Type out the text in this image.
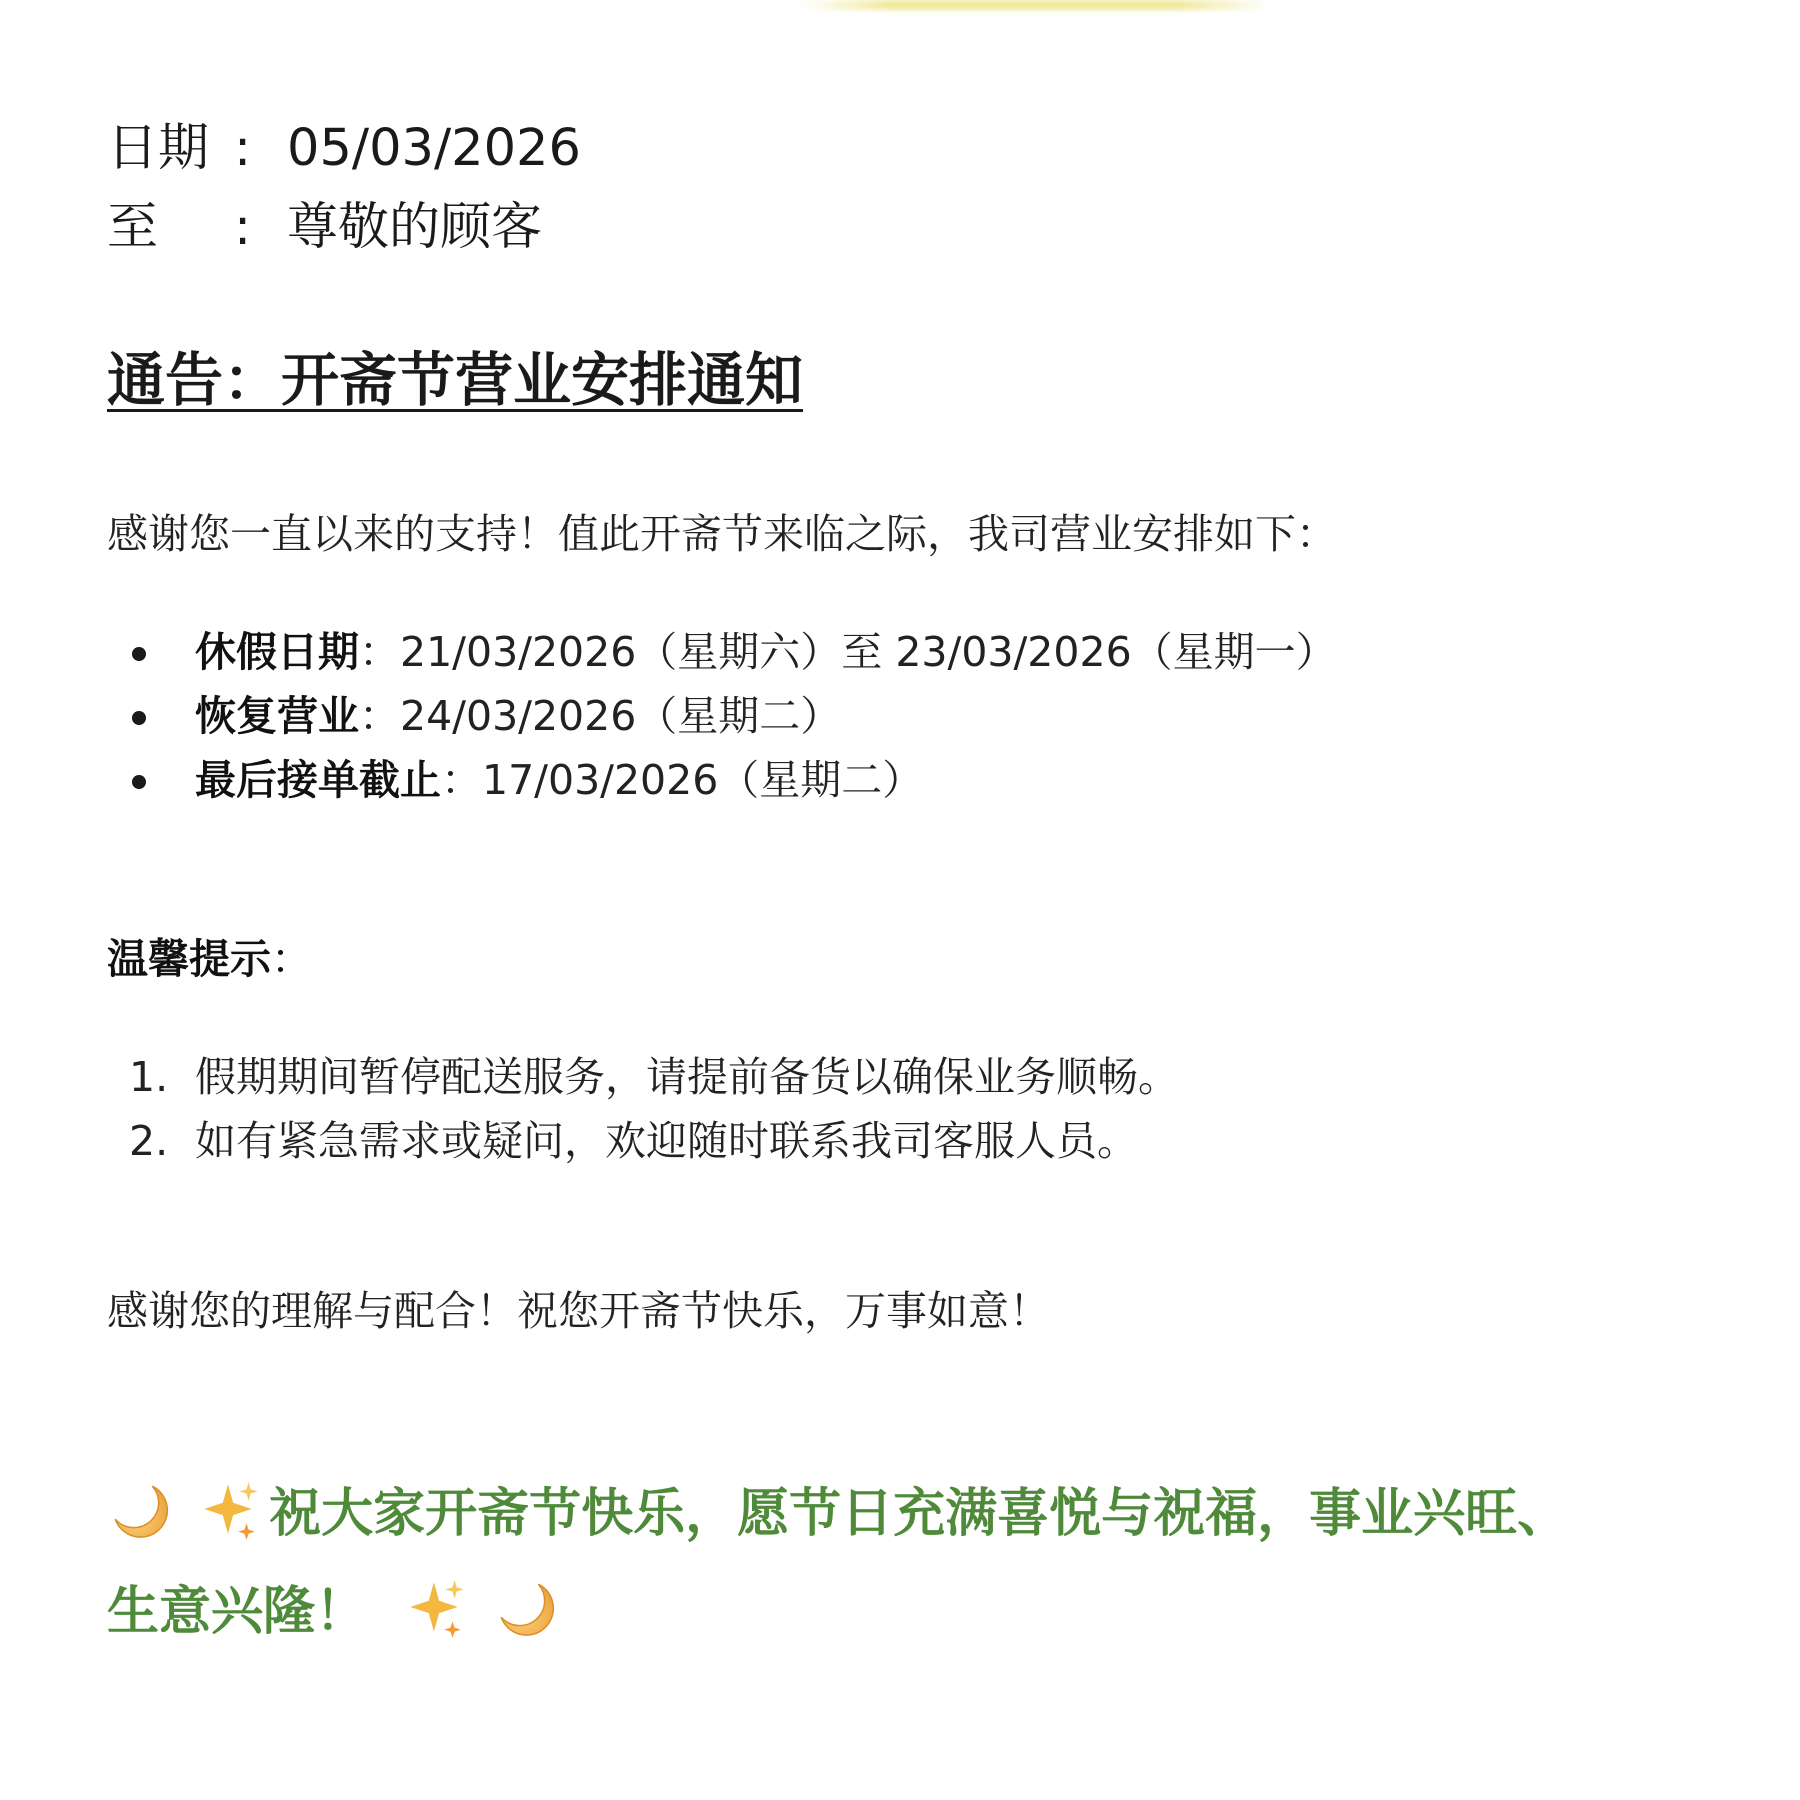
日期 : 05/03/2026
至 : 尊敬的顾客
通告：开斋节营业安排通知
感谢您一直以来的支持！值此开斋节来临之际，我司营业安排如下：
休假日期：21/03/2026（星期六）至 23/03/2026（星期一）
恢复营业：24/03/2026（星期二）
最后接单截止：17/03/2026（星期二）
温馨提示：
1. 假期期间暂停配送服务，请提前备货以确保业务顺畅。
2. 如有紧急需求或疑问，欢迎随时联系我司客服人员。
感谢您的理解与配合！祝您开斋节快乐，万事如意！
祝大家开斋节快乐，愿节日充满喜悦与祝福，事业兴旺、
生意兴隆！
